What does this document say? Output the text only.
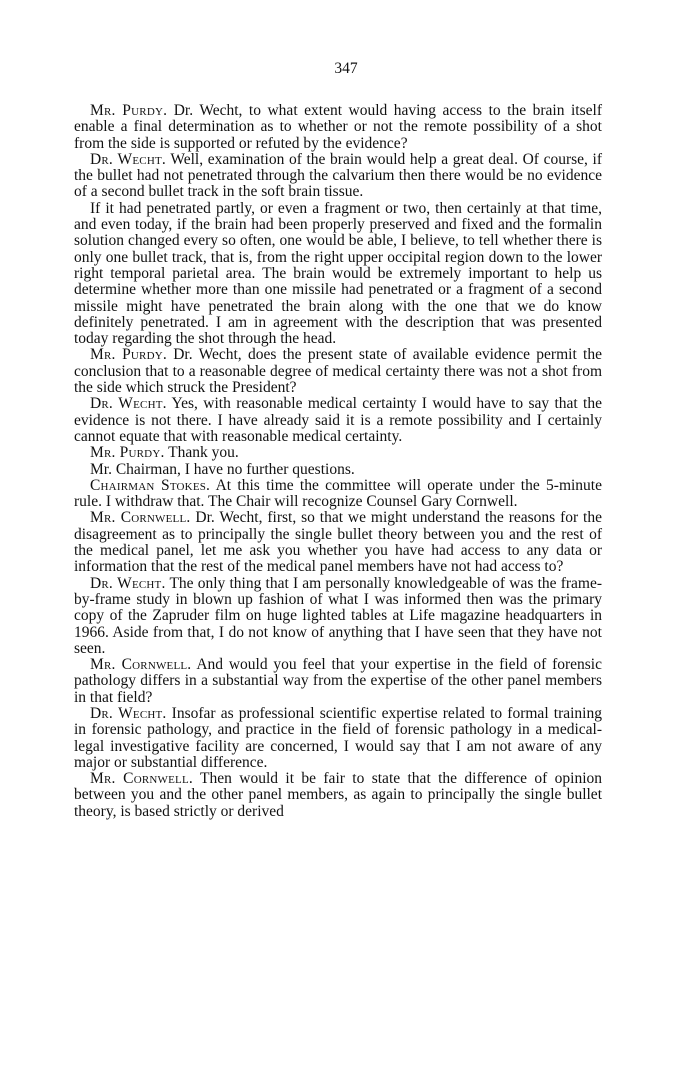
347

Mr. Purdy. Dr. Wecht, to what extent would having access to the brain itself enable a final determination as to whether or not the remote possibility of a shot from the side is supported or refuted by the evidence?

Dr. Wecht. Well, examination of the brain would help a great deal. Of course, if the bullet had not penetrated through the calvarium then there would be no evidence of a second bullet track in the soft brain tissue.

If it had penetrated partly, or even a fragment or two, then certainly at that time, and even today, if the brain had been properly preserved and fixed and the formalin solution changed every so often, one would be able, I believe, to tell whether there is only one bullet track, that is, from the right upper occipital region down to the lower right temporal parietal area. The brain would be extremely important to help us determine whether more than one missile had penetrated or a fragment of a second missile might have penetrated the brain along with the one that we do know definitely penetrated. I am in agreement with the description that was presented today regarding the shot through the head.

Mr. Purdy. Dr. Wecht, does the present state of available evidence permit the conclusion that to a reasonable degree of medical certainty there was not a shot from the side which struck the President?

Dr. Wecht. Yes, with reasonable medical certainty I would have to say that the evidence is not there. I have already said it is a remote possibility and I certainly cannot equate that with reasonable medical certainty.

Mr. Purdy. Thank you.

Mr. Chairman, I have no further questions.

Chairman Stokes. At this time the committee will operate under the 5-minute rule. I withdraw that. The Chair will recognize Counsel Gary Cornwell.

Mr. Cornwell. Dr. Wecht, first, so that we might understand the reasons for the disagreement as to principally the single bullet theory between you and the rest of the medical panel, let me ask you whether you have had access to any data or information that the rest of the medical panel members have not had access to?

Dr. Wecht. The only thing that I am personally knowledgeable of was the frame-by-frame study in blown up fashion of what I was informed then was the primary copy of the Zapruder film on huge lighted tables at Life magazine headquarters in 1966. Aside from that, I do not know of anything that I have seen that they have not seen.

Mr. Cornwell. And would you feel that your expertise in the field of forensic pathology differs in a substantial way from the expertise of the other panel members in that field?

Dr. Wecht. Insofar as professional scientific expertise related to formal training in forensic pathology, and practice in the field of forensic pathology in a medical-legal investigative facility are concerned, I would say that I am not aware of any major or substantial difference.

Mr. Cornwell. Then would it be fair to state that the difference of opinion between you and the other panel members, as again to principally the single bullet theory, is based strictly or derived
